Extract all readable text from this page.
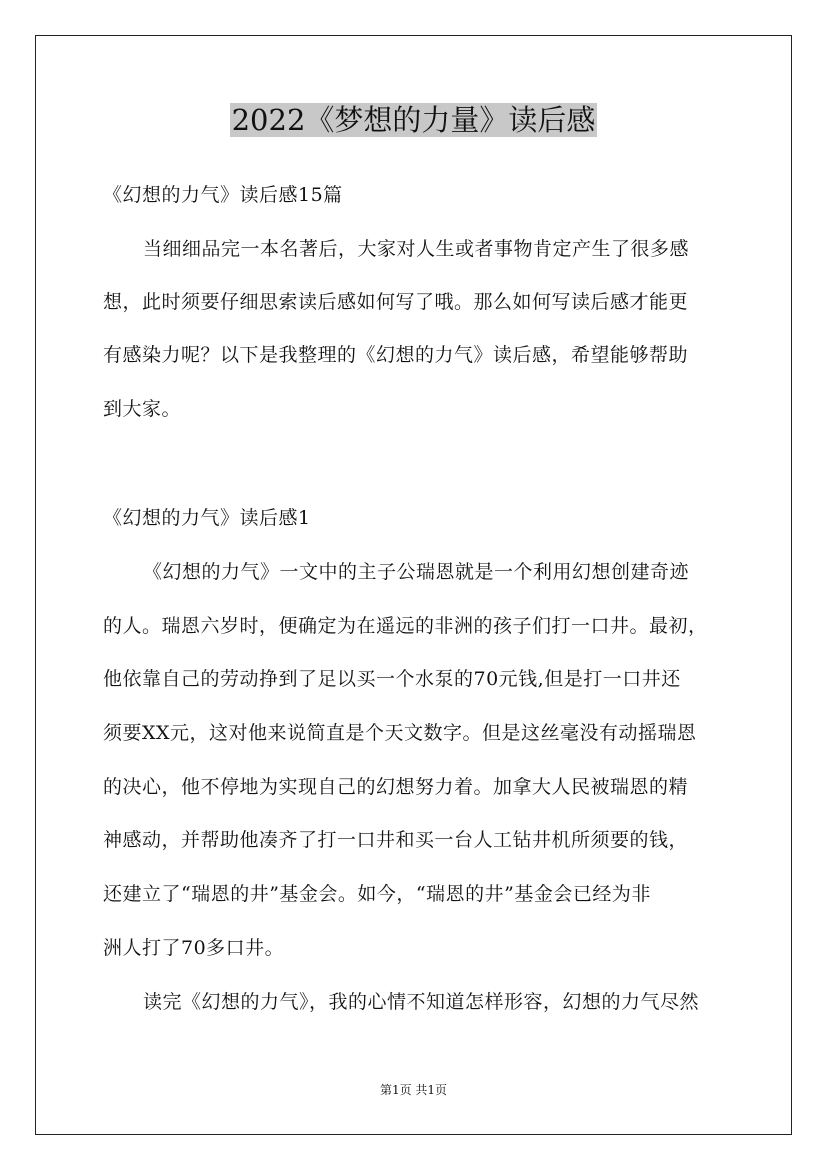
2022《梦想的力量》读后感
《幻想的力气》读后感15篇
当细细品完一本名著后，大家对人生或者事物肯定产生了很多感
想，此时须要仔细思索读后感如何写了哦。那么如何写读后感才能更
有感染力呢？以下是我整理的《幻想的力气》读后感，希望能够帮助
到大家。
《幻想的力气》读后感1
《幻想的力气》一文中的主子公瑞恩就是一个利用幻想创建奇迹
的人。瑞恩六岁时，便确定为在遥远的非洲的孩子们打一口井。最初，
他依靠自己的劳动挣到了足以买一个水泵的70元钱,但是打一口井还
须要XX元，这对他来说简直是个天文数字。但是这丝毫没有动摇瑞恩
的决心，他不停地为实现自己的幻想努力着。加拿大人民被瑞恩的精
神感动，并帮助他凑齐了打一口井和买一台人工钻井机所须要的钱，
还建立了“瑞恩的井”基金会。如今，“瑞恩的井”基金会已经为非
洲人打了70多口井。
读完《幻想的力气》，我的心情不知道怎样形容，幻想的力气尽然
第1页 共1页
